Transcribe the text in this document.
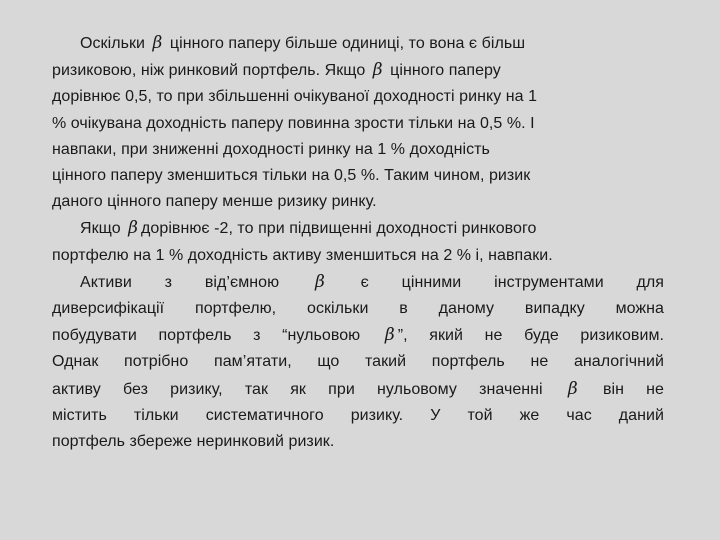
Оскільки β цінного паперу більше одиниці, то вона є більш
ризиковою, ніж ринковий портфель. Якщо β цінного паперу
дорівнює 0,5, то при збільшенні очікуваної доходності ринку на 1
% очікувана доходність паперу повинна зрости тільки на 0,5 %. І
навпаки, при зниженні доходності ринку на 1 % доходність
цінного паперу зменшиться тільки на 0,5 %. Таким чином, ризик
даного цінного паперу менше ризику ринку.
Якщо β дорівнює -2, то при підвищенні доходності ринкового
портфелю на 1 % доходність активу зменшиться на 2 % і, навпаки.
Активи з від’ємною β є цінними інструментами для
диверсифікації портфелю, оскільки в даному випадку можна
побудувати портфель з “нульовою β ”, який не буде ризиковим.
Однак потрібно пам’ятати, що такий портфель не аналогічний
активу без ризику, так як при нульовому значенні β він не
містить тільки систематичного ризику. У той же час даний
портфель збереже неринковий ризик.
